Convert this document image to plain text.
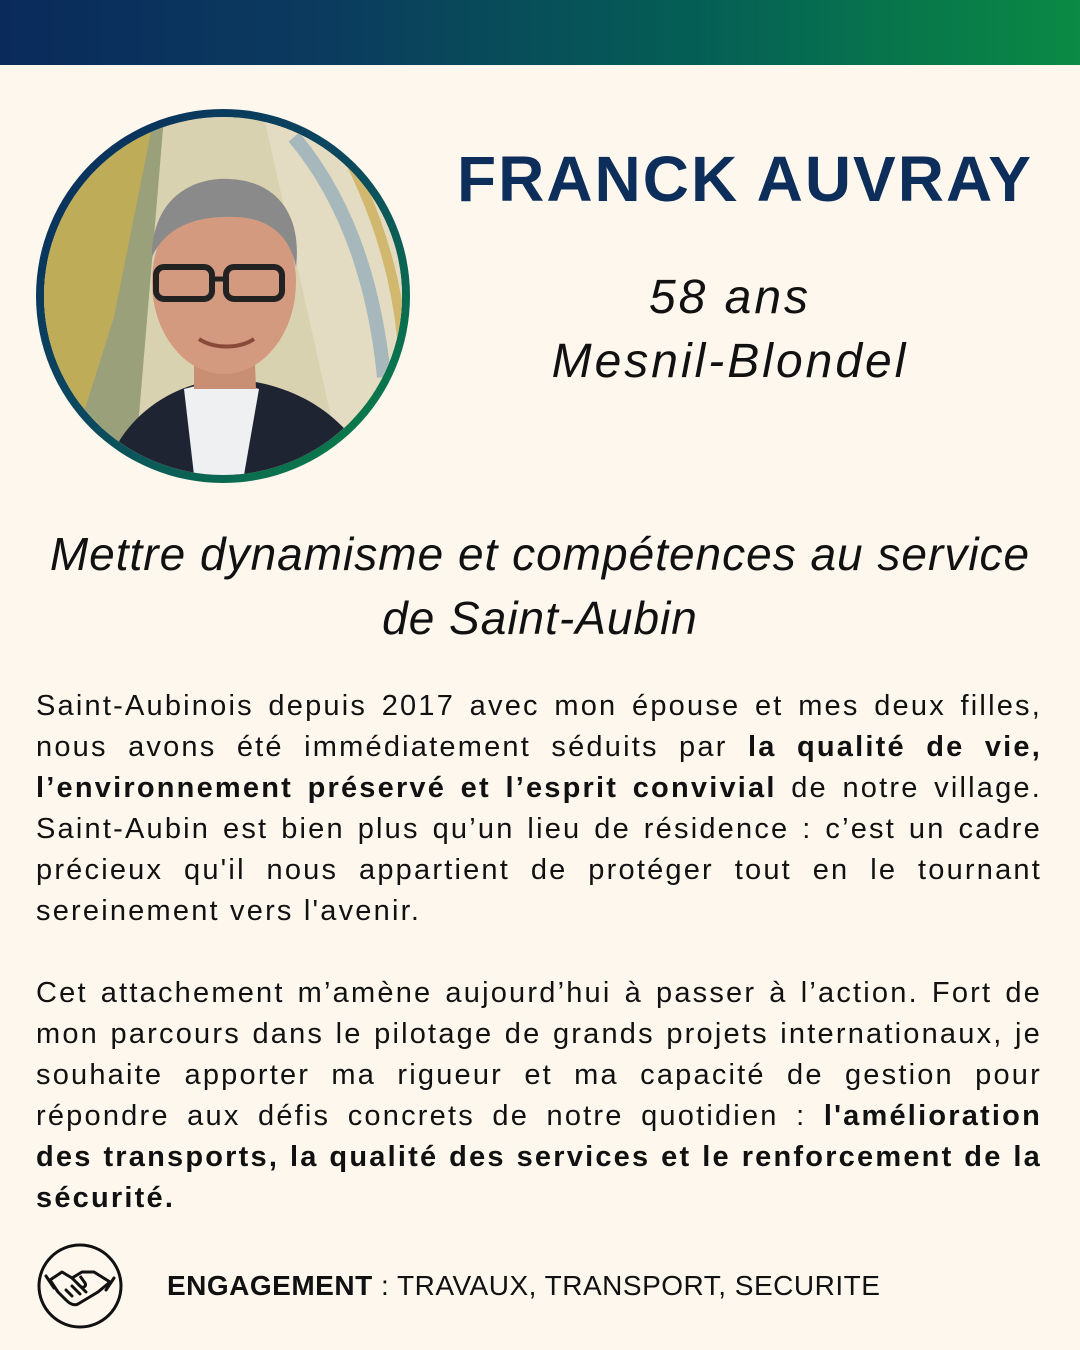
FRANCK AUVRAY
58 ans
Mesnil-Blondel
Mettre dynamisme et compétences au service de Saint-Aubin

Saint-Aubinois depuis 2017 avec mon épouse et mes deux filles, nous avons été immédiatement séduits par la qualité de vie, l’environnement préservé et l’esprit convivial de notre village. Saint-Aubin est bien plus qu’un lieu de résidence : c’est un cadre précieux qu'il nous appartient de protéger tout en le tournant sereinement vers l'avenir.

Cet attachement m’amène aujourd’hui à passer à l’action. Fort de mon parcours dans le pilotage de grands projets internationaux, je souhaite apporter ma rigueur et ma capacité de gestion pour répondre aux défis concrets de notre quotidien : l'amélioration des transports, la qualité des services et le renforcement de la sécurité.

ENGAGEMENT : TRAVAUX, TRANSPORT, SECURITE
